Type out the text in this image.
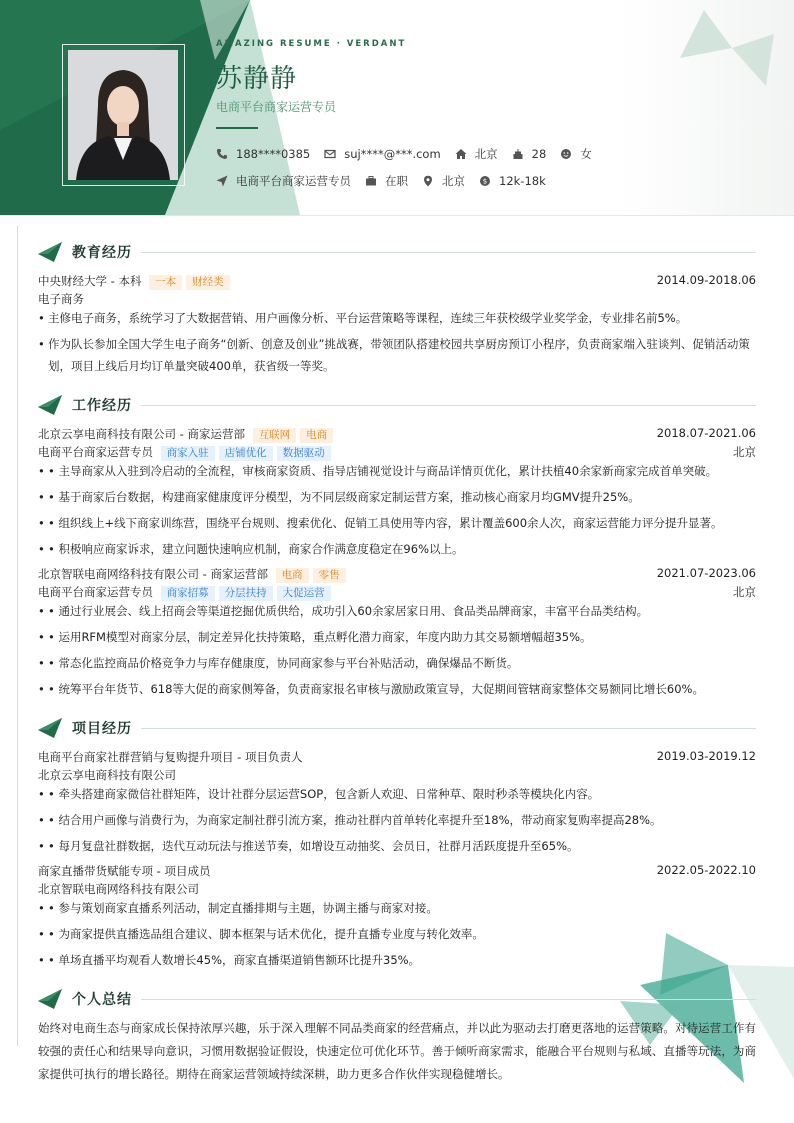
AMAZING RESUME · VERDANT
苏静静
电商平台商家运营专员
188****0385	suj****@***.com	北京	28	女
电商平台商家运营专员	在职	北京	$ 12k-18k
教育经历
中央财经大学 - 本科 一本 财经类	2014.09-2018.06
电子商务
• 主修电子商务，系统学习了大数据营销、用户画像分析、平台运营策略等课程，连续三年获校级学业奖学金，专业排名前5%。
• 作为队长参加全国大学生电子商务“创新、创意及创业”挑战赛，带领团队搭建校园共享厨房预订小程序，负责商家端入驻谈判、促销活动策划，项目上线后月均订单量突破400单，获省级一等奖。
工作经历
北京云享电商科技有限公司 - 商家运营部 互联网 电商	2018.07-2021.06
电商平台商家运营专员 商家入驻 店铺优化 数据驱动	北京
• • 主导商家从入驻到冷启动的全流程，审核商家资质、指导店铺视觉设计与商品详情页优化，累计扶植40余家新商家完成首单突破。
• • 基于商家后台数据，构建商家健康度评分模型，为不同层级商家定制运营方案，推动核心商家月均GMV提升25%。
• • 组织线上+线下商家训练营，围绕平台规则、搜索优化、促销工具使用等内容，累计覆盖600余人次，商家运营能力评分提升显著。
• • 积极响应商家诉求，建立问题快速响应机制，商家合作满意度稳定在96%以上。
北京智联电商网络科技有限公司 - 商家运营部 电商 零售	2021.07-2023.06
电商平台商家运营专员 商家招募 分层扶持 大促运营	北京
• • 通过行业展会、线上招商会等渠道挖掘优质供给，成功引入60余家居家日用、食品类品牌商家，丰富平台品类结构。
• • 运用RFM模型对商家分层，制定差异化扶持策略，重点孵化潜力商家，年度内助力其交易额增幅超35%。
• • 常态化监控商品价格竞争力与库存健康度，协同商家参与平台补贴活动，确保爆品不断货。
• • 统筹平台年货节、618等大促的商家侧筹备，负责商家报名审核与激励政策宣导，大促期间管辖商家整体交易额同比增长60%。
项目经历
电商平台商家社群营销与复购提升项目 - 项目负责人	2019.03-2019.12
北京云享电商科技有限公司
• • 牵头搭建商家微信社群矩阵，设计社群分层运营SOP，包含新人欢迎、日常种草、限时秒杀等模块化内容。
• • 结合用户画像与消费行为，为商家定制社群引流方案，推动社群内首单转化率提升至18%，带动商家复购率提高28%。
• • 每月复盘社群数据，迭代互动玩法与推送节奏，如增设互动抽奖、会员日，社群月活跃度提升至65%。
商家直播带货赋能专项 - 项目成员	2022.05-2022.10
北京智联电商网络科技有限公司
• • 参与策划商家直播系列活动，制定直播排期与主题，协调主播与商家对接。
• • 为商家提供直播选品组合建议、脚本框架与话术优化，提升直播专业度与转化效率。
• • 单场直播平均观看人数增长45%，商家直播渠道销售额环比提升35%。
个人总结
始终对电商生态与商家成长保持浓厚兴趣，乐于深入理解不同品类商家的经营痛点，并以此为驱动去打磨更落地的运营策略。对待运营工作有较强的责任心和结果导向意识，习惯用数据验证假设，快速定位可优化环节。善于倾听商家需求，能融合平台规则与私域、直播等玩法，为商家提供可执行的增长路径。期待在商家运营领域持续深耕，助力更多合作伙伴实现稳健增长。
